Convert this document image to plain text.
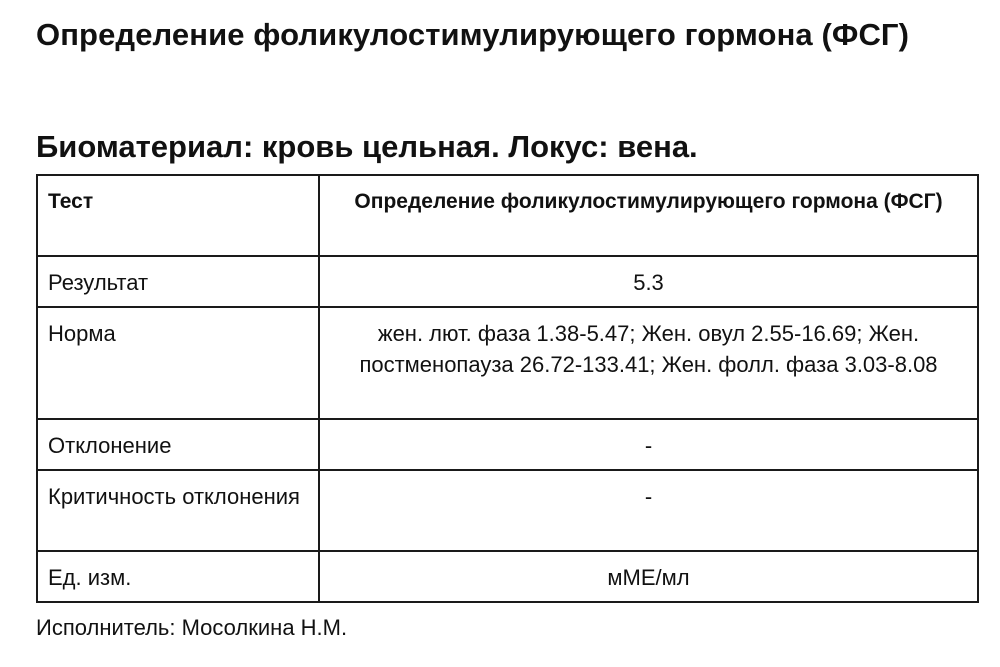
Определение фоликулостимулирующего гормона (ФСГ)
Биоматериал: кровь цельная. Локус: вена.
Тест	Определение фоликулостимулирующего гормона (ФСГ)
Результат	5.3
Норма	жен. лют. фаза 1.38-5.47; Жен. овул 2.55-16.69; Жен. постменопауза 26.72-133.41; Жен. фолл. фаза 3.03-8.08
Отклонение	-
Критичность отклонения	-
Ед. изм.	мМЕ/мл

Исполнитель: Мосолкина Н.М.
